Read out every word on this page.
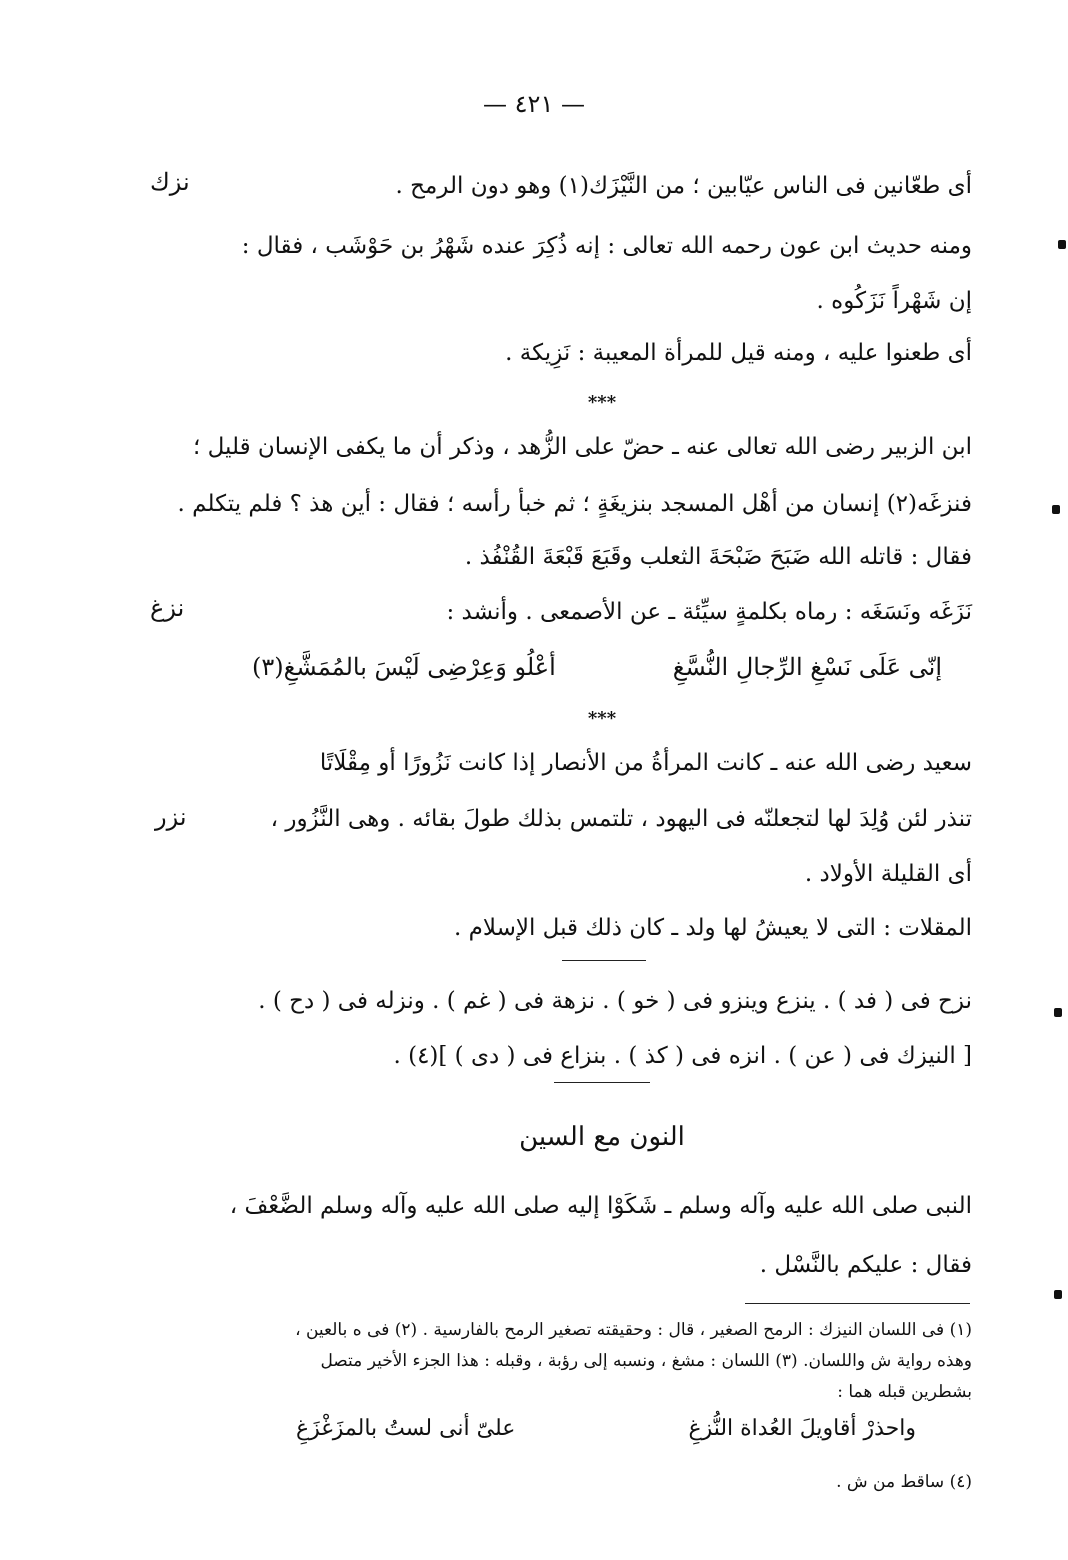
— ٤٢١ —
نزك
نزغ
نزر
أى طعّانين فى الناس عيّابين ؛ من النَّيْزَك(١) وهو دون الرمح .
ومنه حديث ابن عون رحمه الله تعالى : إنه ذُكِرَ عنده شَهْرُ بن حَوْشَب ، فقال :
إن شَهْراً نَزَكُوه .
أى طعنوا عليه ، ومنه قيل للمرأة المعيبة : نَزِيكة .
***
ابن الزبير رضى الله تعالى عنه ـ حضّ على الزُّهد ، وذكر أن ما يكفى الإنسان قليل ؛
فنزغَه(٢) إنسان من أهْل المسجد بنزيغَةٍ ؛ ثم خبأ رأسه ؛ فقال : أين هذ ؟ فلم يتكلم .
فقال : قاتله الله ضَبَحَ ضَبْحَةَ الثعلب وقَبَعَ قَبْعَةَ القُنْفُذ .
نَزَغَه ونَسَغَه : رماه بكلمةٍ سيِّئة ـ عن الأصمعى . وأنشد :
إنّى عَلَى نَسْغِ الرِّجالِ النُّسَّغِ
أعْلُو وَعِرْضِى لَيْسَ بالمُمَشَّغِ(٣)
***
سعيد رضى الله عنه ـ كانت المرأةُ من الأنصار إذا كانت نَزُورًا أو مِقْلَاتًا
تنذر لئن وُلِدَ لها لتجعلنّه فى اليهود ، تلتمس بذلك طولَ بقائه . وهى النَّزُور ،
أى القليلة الأولاد .
المقلات : التى لا يعيشُ لها ولد ـ كان ذلك قبل الإسلام .
نزح فى ( فد ) . ينزع وينزو فى ( خو ) . نزهة فى ( غم ) . ونزله فى ( دح ) .
[ النيزك فى ( عن ) . انزه فى ( كذ ) . بنزاع فى ( دى ) ](٤) .
النون مع السين
النبى صلى الله عليه وآله وسلم ـ شَكَوْا إليه صلى الله عليه وآله وسلم الضَّعْفَ ،
فقال : عليكم بالنَّسْل .
(١) فى اللسان النيزك : الرمح الصغير ، قال : وحقيقته تصغير الرمح بالفارسية . (٢) فى ه بالعين ،
وهذه رواية ش واللسان. (٣) اللسان : مشغ ، ونسبه إلى رؤبة ، وقبله : هذا الجزء الأخير متصل
بشطرين قبله هما :
واحذرْ أقاويلَ العُداة النُّزغِ
علىّ أنى لستُ بالمزَغْزَغِ
(٤) ساقط من ش .
